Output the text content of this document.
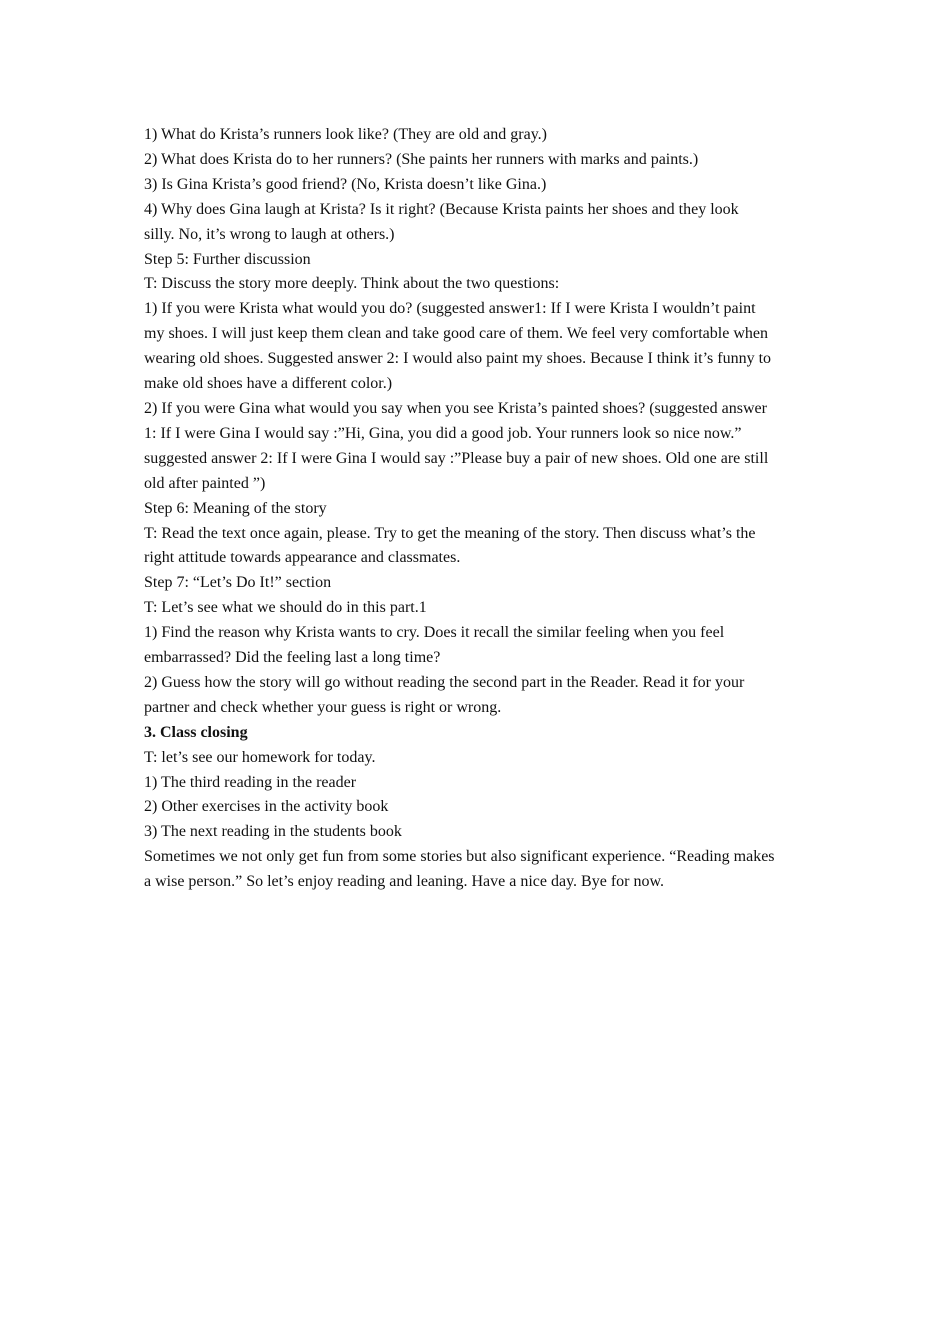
1) What do Krista’s runners look like? (They are old and gray.)

2) What does Krista do to her runners? (She paints her runners with marks and paints.)

3) Is Gina Krista’s good friend? (No, Krista doesn’t like Gina.)

4) Why does Gina laugh at Krista? Is it right? (Because Krista paints her shoes and they look

silly. No, it’s wrong to laugh at others.)

Step 5: Further discussion

T: Discuss the story more deeply. Think about the two questions:

1) If you were Krista what would you do? (suggested answer1: If I were Krista I wouldn’t paint

my shoes. I will just keep them clean and take good care of them. We feel very comfortable when

wearing old shoes. Suggested answer 2: I would also paint my shoes. Because I think it’s funny to

make old shoes have a different color.)

2) If you were Gina what would you say when you see Krista’s painted shoes? (suggested answer

1: If I were Gina I would say :”Hi, Gina, you did a good job. Your runners look so nice now.”

suggested answer 2: If I were Gina I would say :”Please buy a pair of new shoes. Old one are still

old after painted ”)

Step 6: Meaning of the story

T: Read the text once again, please. Try to get the meaning of the story. Then discuss what’s the

right attitude towards appearance and classmates.

Step 7: “Let’s Do It!” section

T: Let’s see what we should do in this part.1

1) Find the reason why Krista wants to cry. Does it recall the similar feeling when you feel

embarrassed? Did the feeling last a long time?

2) Guess how the story will go without reading the second part in the Reader. Read it for your

partner and check whether your guess is right or wrong.

3. Class closing

T: let’s see our homework for today.

1) The third reading in the reader

2) Other exercises in the activity book

3) The next reading in the students book

Sometimes we not only get fun from some stories but also significant experience. “Reading makes

a wise person.” So let’s enjoy reading and leaning. Have a nice day. Bye for now.
